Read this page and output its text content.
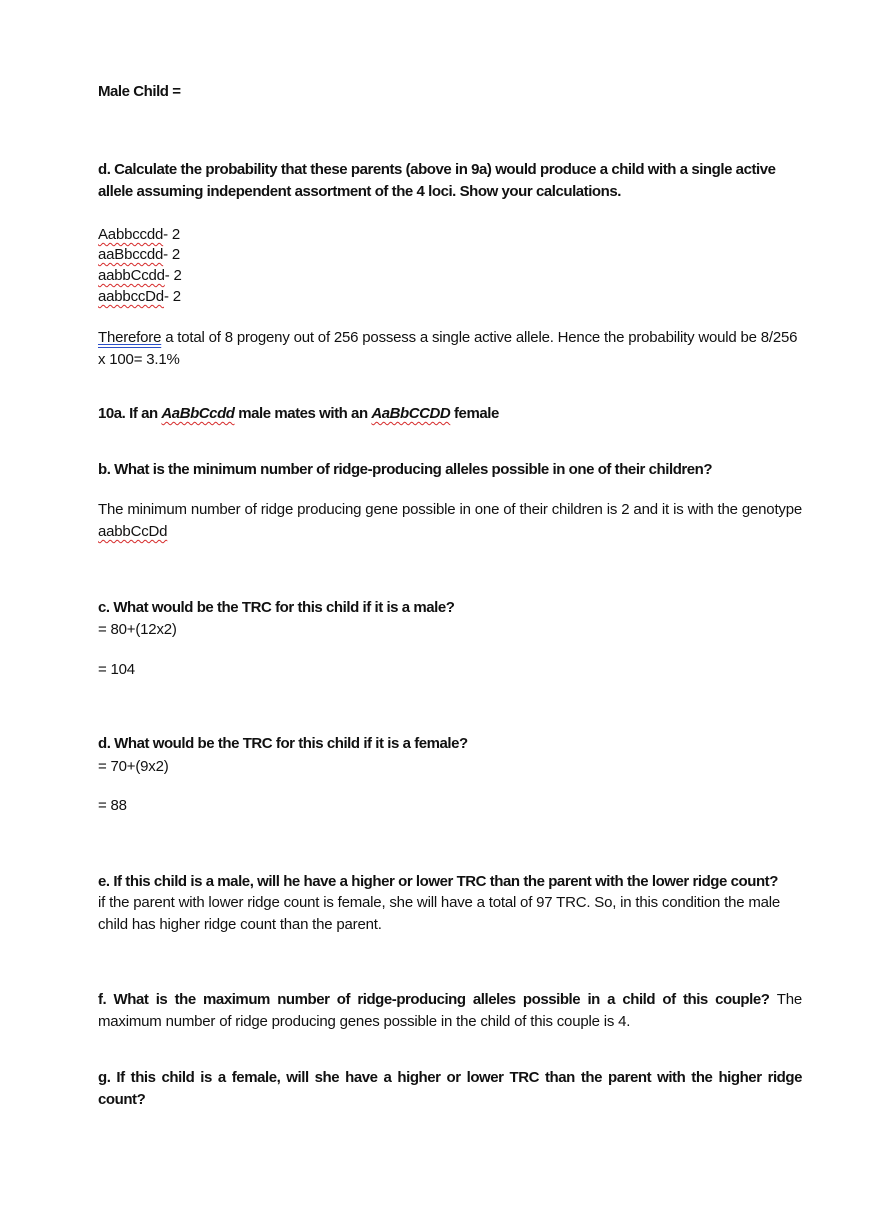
Male Child =

d. Calculate the probability that these parents (above in 9a) would produce a child with a single active allele assuming independent assortment of the 4 loci. Show your calculations.

Aabbccdd- 2

aaBbccdd- 2

aabbCcdd- 2

aabbccDd- 2

Therefore a total of 8 progeny out of 256 possess a single active allele. Hence the probability would be 8/256 x 100= 3.1%

10a. If an AaBbCcdd male mates with an AaBbCCDD female

b. What is the minimum number of ridge-producing alleles possible in one of their children?

The minimum number of ridge producing gene possible in one of their children is 2 and it is with the genotype aabbCcDd

c. What would be the TRC for this child if it is a male?

= 80+(12x2)

= 104

d. What would be the TRC for this child if it is a female?

= 70+(9x2)

= 88

e. If this child is a male, will he have a higher or lower TRC than the parent with the lower ridge count?

if the parent with lower ridge count is female, she will have a total of 97 TRC. So, in this condition the male child has higher ridge count than the parent.

f. What is the maximum number of ridge-producing alleles possible in a child of this couple? The maximum number of ridge producing genes possible in the child of this couple is 4.

g. If this child is a female, will she have a higher or lower TRC than the parent with the higher ridge count?
